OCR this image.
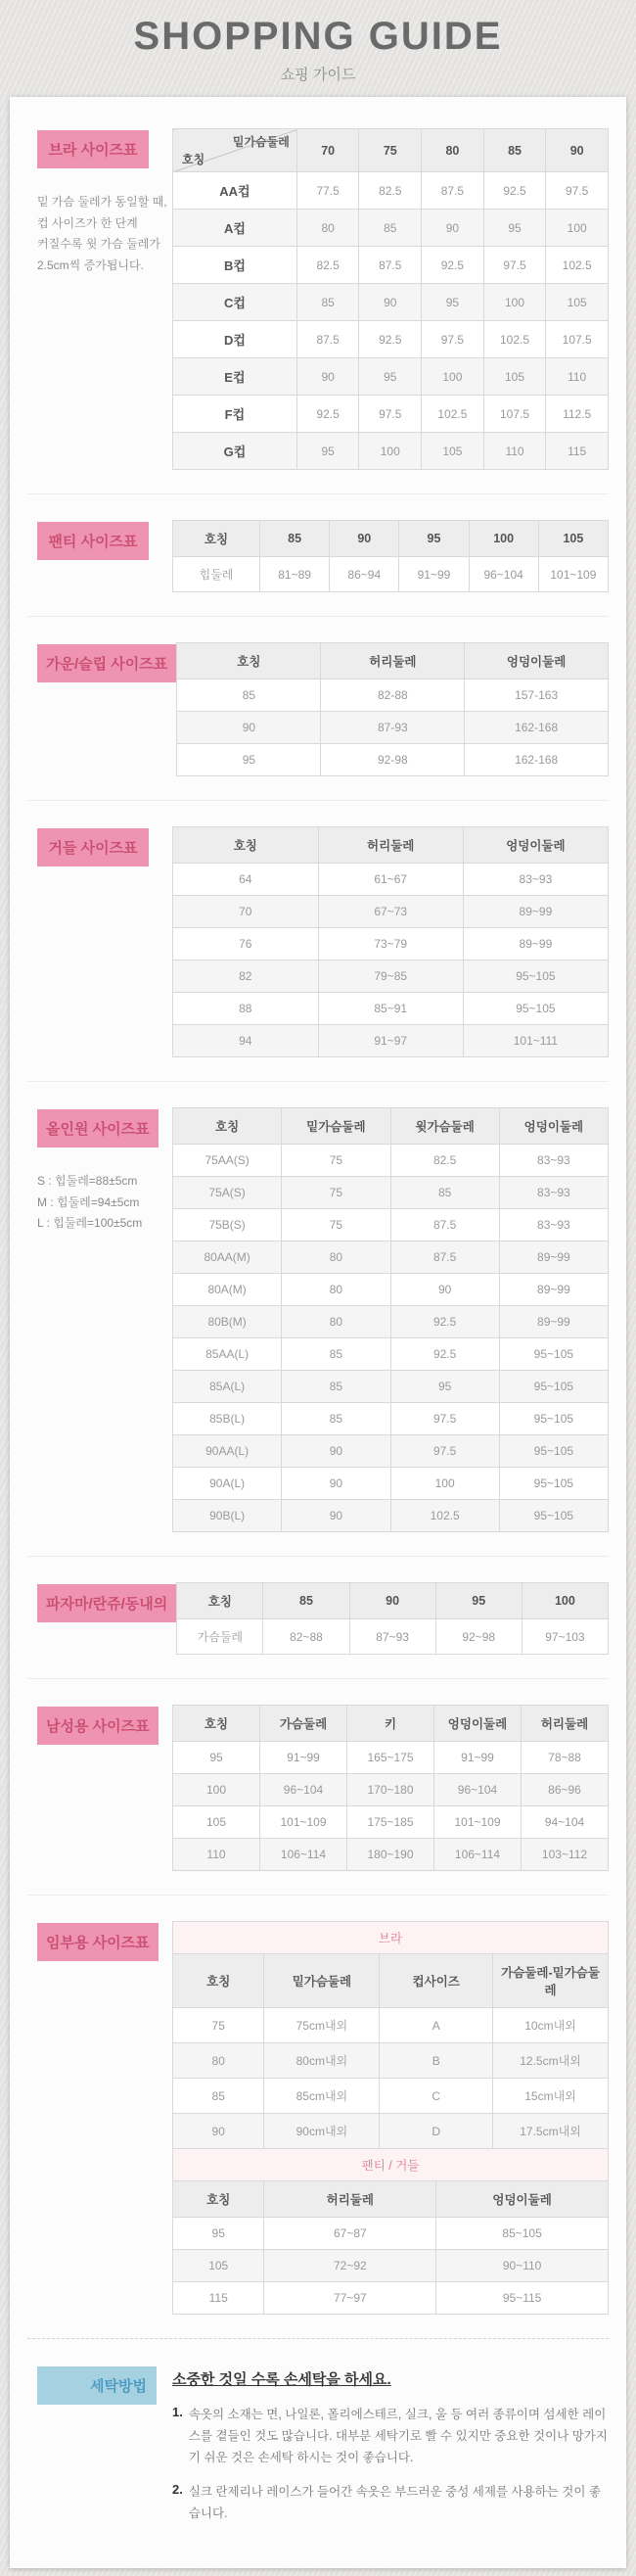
SHOPPING GUIDE

쇼핑 가이드

브라 사이즈표
밑 가슴 둘레가 동일할 때,
컵 사이즈가 한 단계
커질수록 윗 가슴 둘레가
2.5cm씩 증가됩니다.
밑가슴둘레
호칭	70	75	80	85	90
AA컵	77.5	82.5	87.5	92.5	97.5
A컵	80	85	90	95	100
B컵	82.5	87.5	92.5	97.5	102.5
C컵	85	90	95	100	105
D컵	87.5	92.5	97.5	102.5	107.5
E컵	90	95	100	105	110
F컵	92.5	97.5	102.5	107.5	112.5
G컵	95	100	105	110	115
팬티 사이즈표	호칭	85	90	95	100	105
힙둘레	81~89	86~94	91~99	96~104	101~109
가운/슬립 사이즈표	호칭	허리둘레	엉덩이둘레
85	82-88	157-163
90	87-93	162-168
95	92-98	162-168
거들 사이즈표	호칭	허리둘레	엉덩이둘레
64	61~67	83~93
70	67~73	89~99
76	73~79	89~99
82	79~85	95~105
88	85~91	95~105
94	91~97	101~111
올인원 사이즈표
S : 힙둘레=88±5cm
M : 힙둘레=94±5cm
L : 힙둘레=100±5cm
호칭	밑가슴둘레	윗가슴둘레	엉덩이둘레
75AA(S)	75	82.5	83~93
75A(S)	75	85	83~93
75B(S)	75	87.5	83~93
80AA(M)	80	87.5	89~99
80A(M)	80	90	89~99
80B(M)	80	92.5	89~99
85AA(L)	85	92.5	95~105
85A(L)	85	95	95~105
85B(L)	85	97.5	95~105
90AA(L)	90	97.5	95~105
90A(L)	90	100	95~105
90B(L)	90	102.5	95~105
파자마/란쥬/동내의	호칭	85	90	95	100
가슴둘레	82~88	87~93	92~98	97~103
남성용 사이즈표	호칭	가슴둘레	키	엉덩이둘레	허리둘레
95	91~99	165~175	91~99	78~88
100	96~104	170~180	96~104	86~96
105	101~109	175~185	101~109	94~104
110	106~114	180~190	106~114	103~112
임부용 사이즈표	브라			
호칭	밑가슴둘레	컵사이즈	가슴둘레-밑가슴둘레
75	75cm내외	A	10cm내외
80	80cm내외	B	12.5cm내외
85	85cm내외	C	15cm내외
90	90cm내외	D	17.5cm내외
팬티 / 거들		
호칭	허리둘레	엉덩이둘레
95	67~87	85~105
105	72~92	90~110
115	77~97	95~115
세탁방법	소중한 것일 수록 손세탁을 하세요.
1. 속옷의 소재는 면, 나일론, 폴리에스테르, 실크, 울 등 여러 종류이며 섬세한 레이스를 곁들인 것도 많습니다. 대부분 세탁기로 빨 수 있지만 중요한 것이나 망가지기 쉬운 것은 손세탁 하시는 것이 좋습니다.
2. 실크 란제리나 레이스가 들어간 속옷은 부드러운 중성 세제를 사용하는 것이 좋습니다.
